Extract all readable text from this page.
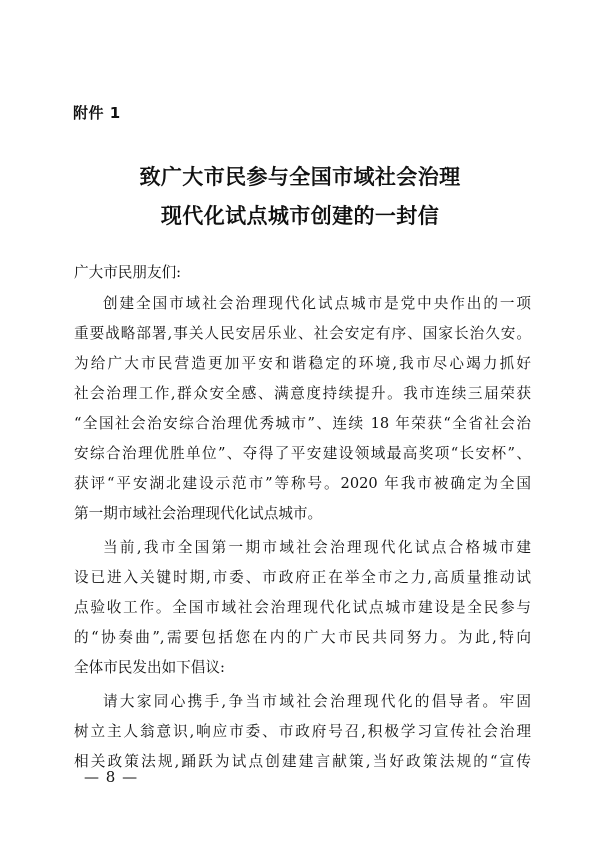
附件 1
致广大市民参与全国市域社会治理
现代化试点城市创建的一封信
广大市民朋友们:
创建全国市域社会治理现代化试点城市是党中央作出的一项
重要战略部署,事关人民安居乐业、社会安定有序、国家长治久安。
为给广大市民营造更加平安和谐稳定的环境,我市尽心竭力抓好
社会治理工作,群众安全感、满意度持续提升。我市连续三届荣获
“全国社会治安综合治理优秀城市”、连续 18 年荣获“全省社会治
安综合治理优胜单位”、夺得了平安建设领域最高奖项“长安杯”、
获评“平安湖北建设示范市”等称号。2020 年我市被确定为全国
第一期市域社会治理现代化试点城市。
当前,我市全国第一期市域社会治理现代化试点合格城市建
设已进入关键时期,市委、市政府正在举全市之力,高质量推动试
点验收工作。全国市域社会治理现代化试点城市建设是全民参与
的“协奏曲”,需要包括您在内的广大市民共同努力。为此,特向
全体市民发出如下倡议:
请大家同心携手,争当市域社会治理现代化的倡导者。牢固
树立主人翁意识,响应市委、市政府号召,积极学习宣传社会治理
相关政策法规,踊跃为试点创建建言献策,当好政策法规的“宣传
— 8 —
